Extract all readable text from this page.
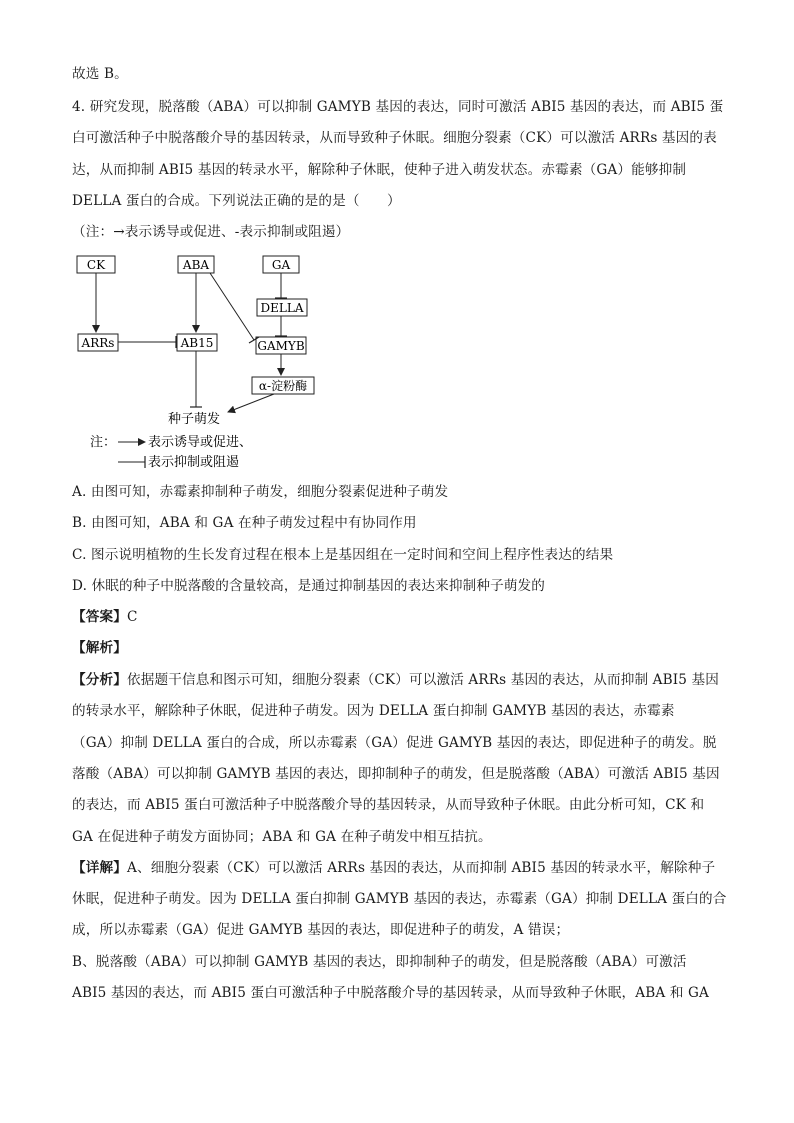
故选 B。
4. 研究发现，脱落酸（ABA）可以抑制 GAMYB 基因的表达，同时可激活 ABI5 基因的表达，而 ABI5 蛋
白可激活种子中脱落酸介导的基因转录，从而导致种子休眠。细胞分裂素（CK）可以激活 ARRs 基因的表
达，从而抑制 ABI5 基因的转录水平，解除种子休眠，使种子进入萌发状态。赤霉素（GA）能够抑制
DELLA 蛋白的合成。下列说法正确的是的是（　　）
（注：→表示诱导或促进、-表示抑制或阻遏）
CK	ABA	GA
DELLA
ARRs	AB15	GAMYB
α-淀粉酶
种子萌发
注： 表示诱导或促进、
表示抑制或阻遏
A. 由图可知，赤霉素抑制种子萌发，细胞分裂素促进种子萌发
B. 由图可知，ABA 和 GA 在种子萌发过程中有协同作用
C. 图示说明植物的生长发育过程在根本上是基因组在一定时间和空间上程序性表达的结果
D. 休眠的种子中脱落酸的含量较高，是通过抑制基因的表达来抑制种子萌发的
【答案】C
【解析】
【分析】依据题干信息和图示可知，细胞分裂素（CK）可以激活 ARRs 基因的表达，从而抑制 ABI5 基因
的转录水平，解除种子休眠，促进种子萌发。因为 DELLA 蛋白抑制 GAMYB 基因的表达，赤霉素
（GA）抑制 DELLA 蛋白的合成，所以赤霉素（GA）促进 GAMYB 基因的表达，即促进种子的萌发。脱
落酸（ABA）可以抑制 GAMYB 基因的表达，即抑制种子的萌发，但是脱落酸（ABA）可激活 ABI5 基因
的表达，而 ABI5 蛋白可激活种子中脱落酸介导的基因转录，从而导致种子休眠。由此分析可知，CK 和
GA 在促进种子萌发方面协同；ABA 和 GA 在种子萌发中相互拮抗。
【详解】A、细胞分裂素（CK）可以激活 ARRs 基因的表达，从而抑制 ABI5 基因的转录水平，解除种子
休眠，促进种子萌发。因为 DELLA 蛋白抑制 GAMYB 基因的表达，赤霉素（GA）抑制 DELLA 蛋白的合
成，所以赤霉素（GA）促进 GAMYB 基因的表达，即促进种子的萌发，A 错误；
B、脱落酸（ABA）可以抑制 GAMYB 基因的表达，即抑制种子的萌发，但是脱落酸（ABA）可激活
ABI5 基因的表达，而 ABI5 蛋白可激活种子中脱落酸介导的基因转录，从而导致种子休眠，ABA 和 GA
